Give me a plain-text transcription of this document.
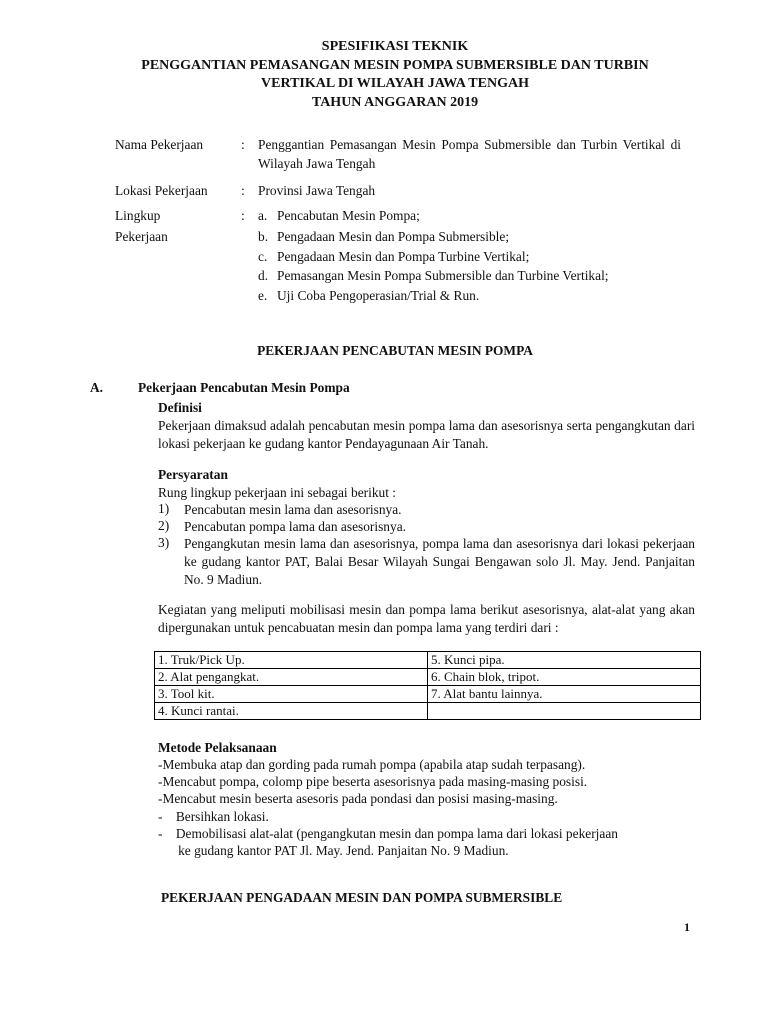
SPESIFIKASI TEKNIK
PENGGANTIAN PEMASANGAN MESIN POMPA SUBMERSIBLE DAN TURBIN
VERTIKAL DI WILAYAH JAWA TENGAH
TAHUN ANGGARAN 2019
Nama Pekerjaan	: Penggantian Pemasangan Mesin Pompa Submersible dan Turbin Vertikal di Wilayah Jawa Tengah
Lokasi Pekerjaan : Provinsi Jawa Tengah
Lingkup
Pekerjaan
: a. Pencabutan Mesin Pompa;
b. Pengadaan Mesin dan Pompa Submersible;
c. Pengadaan Mesin dan Pompa Turbine Vertikal;
d. Pemasangan Mesin Pompa Submersible dan Turbine Vertikal;
e. Uji Coba Pengoperasian/Trial & Run.
PEKERJAAN PENCABUTAN MESIN POMPA
A.	Pekerjaan Pencabutan Mesin Pompa
Definisi
Pekerjaan dimaksud adalah pencabutan mesin pompa lama dan asesorisnya serta pengangkutan dari lokasi pekerjaan ke gudang kantor Pendayagunaan Air Tanah.
Persyaratan
Rung lingkup pekerjaan ini sebagai berikut :
1) Pencabutan mesin lama dan asesorisnya.
2) Pencabutan pompa lama dan asesorisnya.
3) Pengangkutan mesin lama dan asesorisnya, pompa lama dan asesorisnya dari lokasi pekerjaan ke gudang kantor PAT, Balai Besar Wilayah Sungai Bengawan solo Jl. May. Jend. Panjaitan No. 9 Madiun.
Kegiatan yang meliputi mobilisasi mesin dan pompa lama berikut asesorisnya, alat-alat yang akan dipergunakan untuk pencabuatan mesin dan pompa lama yang terdiri dari :
1. Truk/Pick Up.	5. Kunci pipa.
2. Alat pengangkat.	6. Chain blok, tripot.
3. Tool kit.	7. Alat bantu lainnya.
4. Kunci rantai.	
Metode Pelaksanaan
-Membuka atap dan gording pada rumah pompa (apabila atap sudah terpasang).
-Mencabut pompa, colomp pipe beserta asesorisnya pada masing-masing posisi.
-Mencabut mesin beserta asesoris pada pondasi dan posisi masing-masing.
-    Bersihkan lokasi.
-    Demobilisasi alat-alat (pengangkutan mesin dan pompa lama dari lokasi pekerjaan
ke gudang kantor PAT Jl. May. Jend. Panjaitan No. 9 Madiun.
PEKERJAAN PENGADAAN MESIN DAN POMPA SUBMERSIBLE
1
